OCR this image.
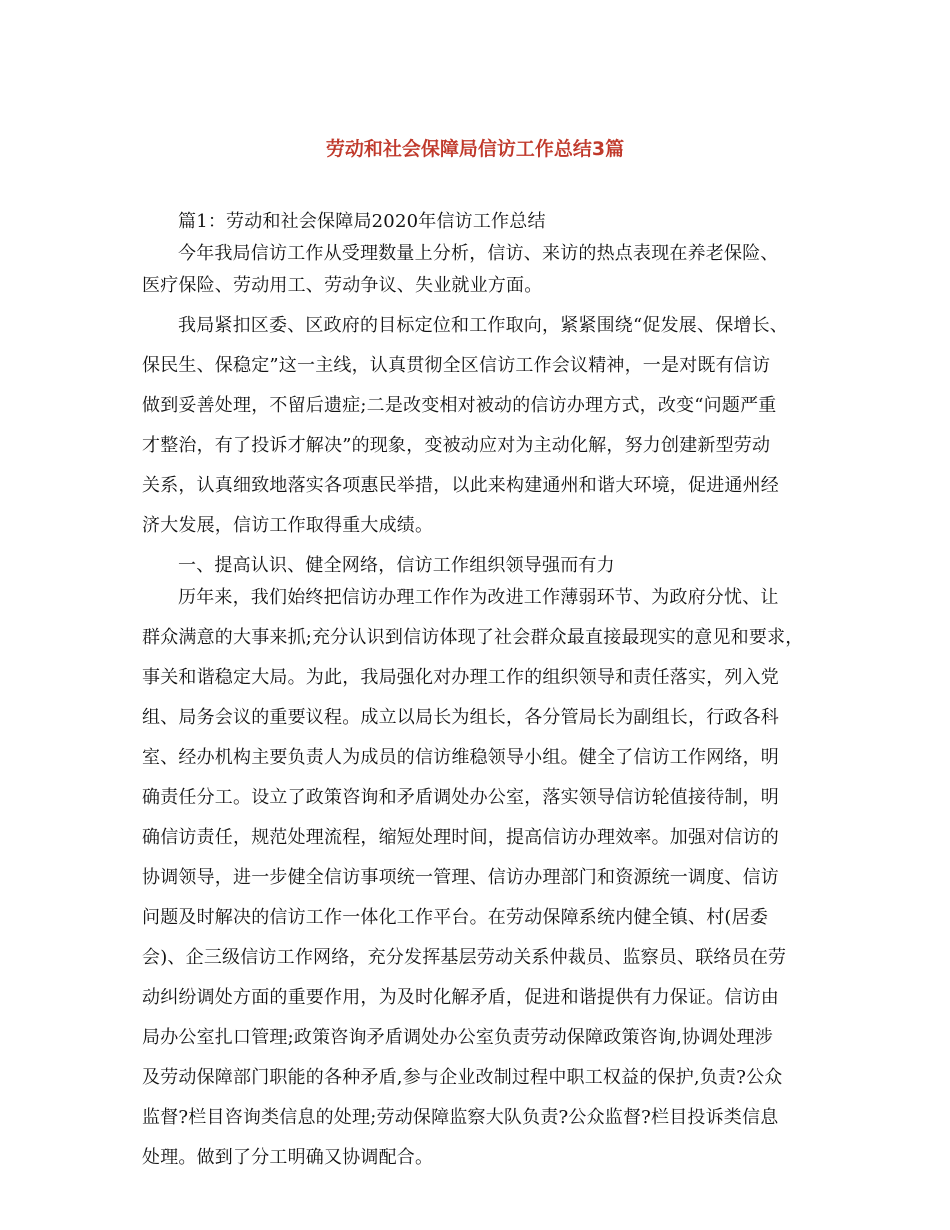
劳动和社会保障局信访工作总结3篇
篇1：劳动和社会保障局2020年信访工作总结
今年我局信访工作从受理数量上分析，信访、来访的热点表现在养老保险、
医疗保险、劳动用工、劳动争议、失业就业方面。
我局紧扣区委、区政府的目标定位和工作取向，紧紧围绕“促发展、保增长、
保民生、保稳定”这一主线，认真贯彻全区信访工作会议精神，一是对既有信访
做到妥善处理，不留后遗症;二是改变相对被动的信访办理方式，改变“问题严重
才整治，有了投诉才解决”的现象，变被动应对为主动化解，努力创建新型劳动
关系，认真细致地落实各项惠民举措，以此来构建通州和谐大环境，促进通州经
济大发展，信访工作取得重大成绩。
一、提高认识、健全网络，信访工作组织领导强而有力
历年来，我们始终把信访办理工作作为改进工作薄弱环节、为政府分忧、让
群众满意的大事来抓;充分认识到信访体现了社会群众最直接最现实的意见和要求，
事关和谐稳定大局。为此，我局强化对办理工作的组织领导和责任落实，列入党
组、局务会议的重要议程。成立以局长为组长，各分管局长为副组长，行政各科
室、经办机构主要负责人为成员的信访维稳领导小组。健全了信访工作网络，明
确责任分工。设立了政策咨询和矛盾调处办公室，落实领导信访轮值接待制，明
确信访责任，规范处理流程，缩短处理时间，提高信访办理效率。加强对信访的
协调领导，进一步健全信访事项统一管理、信访办理部门和资源统一调度、信访
问题及时解决的信访工作一体化工作平台。在劳动保障系统内健全镇、村(居委
会)、企三级信访工作网络，充分发挥基层劳动关系仲裁员、监察员、联络员在劳
动纠纷调处方面的重要作用，为及时化解矛盾，促进和谐提供有力保证。信访由
局办公室扎口管理;政策咨询矛盾调处办公室负责劳动保障政策咨询,协调处理涉
及劳动保障部门职能的各种矛盾,参与企业改制过程中职工权益的保护,负责?公众
监督?栏目咨询类信息的处理;劳动保障监察大队负责?公众监督?栏目投诉类信息
处理。做到了分工明确又协调配合。
